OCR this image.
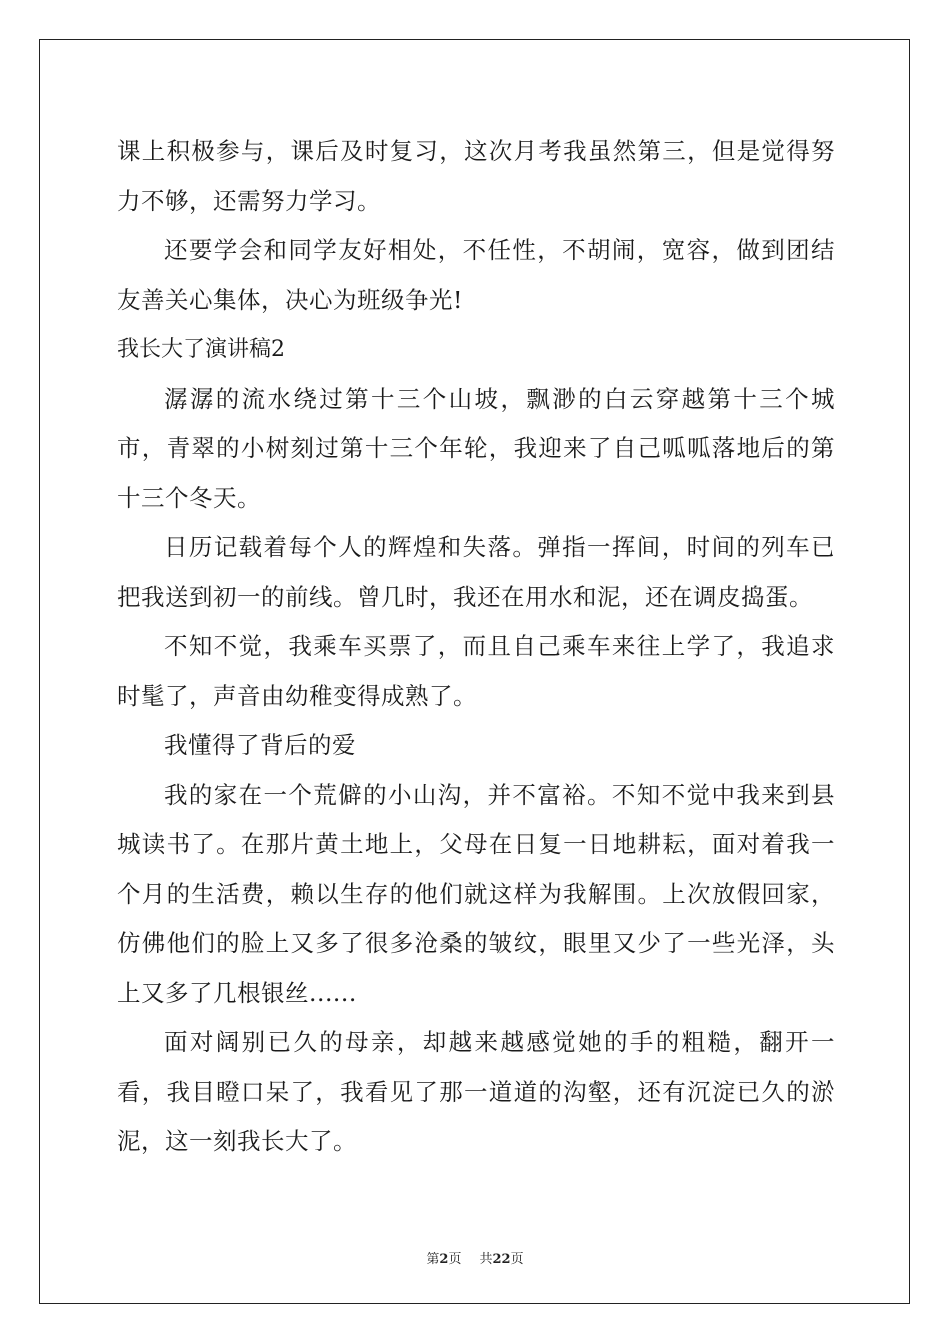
课上积极参与，课后及时复习，这次月考我虽然第三，但是觉得努力不够，还需努力学习。

还要学会和同学友好相处，不任性，不胡闹，宽容，做到团结友善关心集体，决心为班级争光!

我长大了演讲稿2

潺潺的流水绕过第十三个山坡，飘渺的白云穿越第十三个城市，青翠的小树刻过第十三个年轮，我迎来了自己呱呱落地后的第十三个冬天。

日历记载着每个人的辉煌和失落。弹指一挥间，时间的列车已把我送到初一的前线。曾几时，我还在用水和泥，还在调皮捣蛋。

不知不觉，我乘车买票了，而且自己乘车来往上学了，我追求时髦了，声音由幼稚变得成熟了。

我懂得了背后的爱

我的家在一个荒僻的小山沟，并不富裕。不知不觉中我来到县城读书了。在那片黄土地上，父母在日复一日地耕耘，面对着我一个月的生活费，赖以生存的他们就这样为我解围。上次放假回家，仿佛他们的脸上又多了很多沧桑的皱纹，眼里又少了一些光泽，头上又多了几根银丝......

面对阔别已久的母亲，却越来越感觉她的手的粗糙，翻开一看，我目瞪口呆了，我看见了那一道道的沟壑，还有沉淀已久的淤泥，这一刻我长大了。

第2页 共22页
